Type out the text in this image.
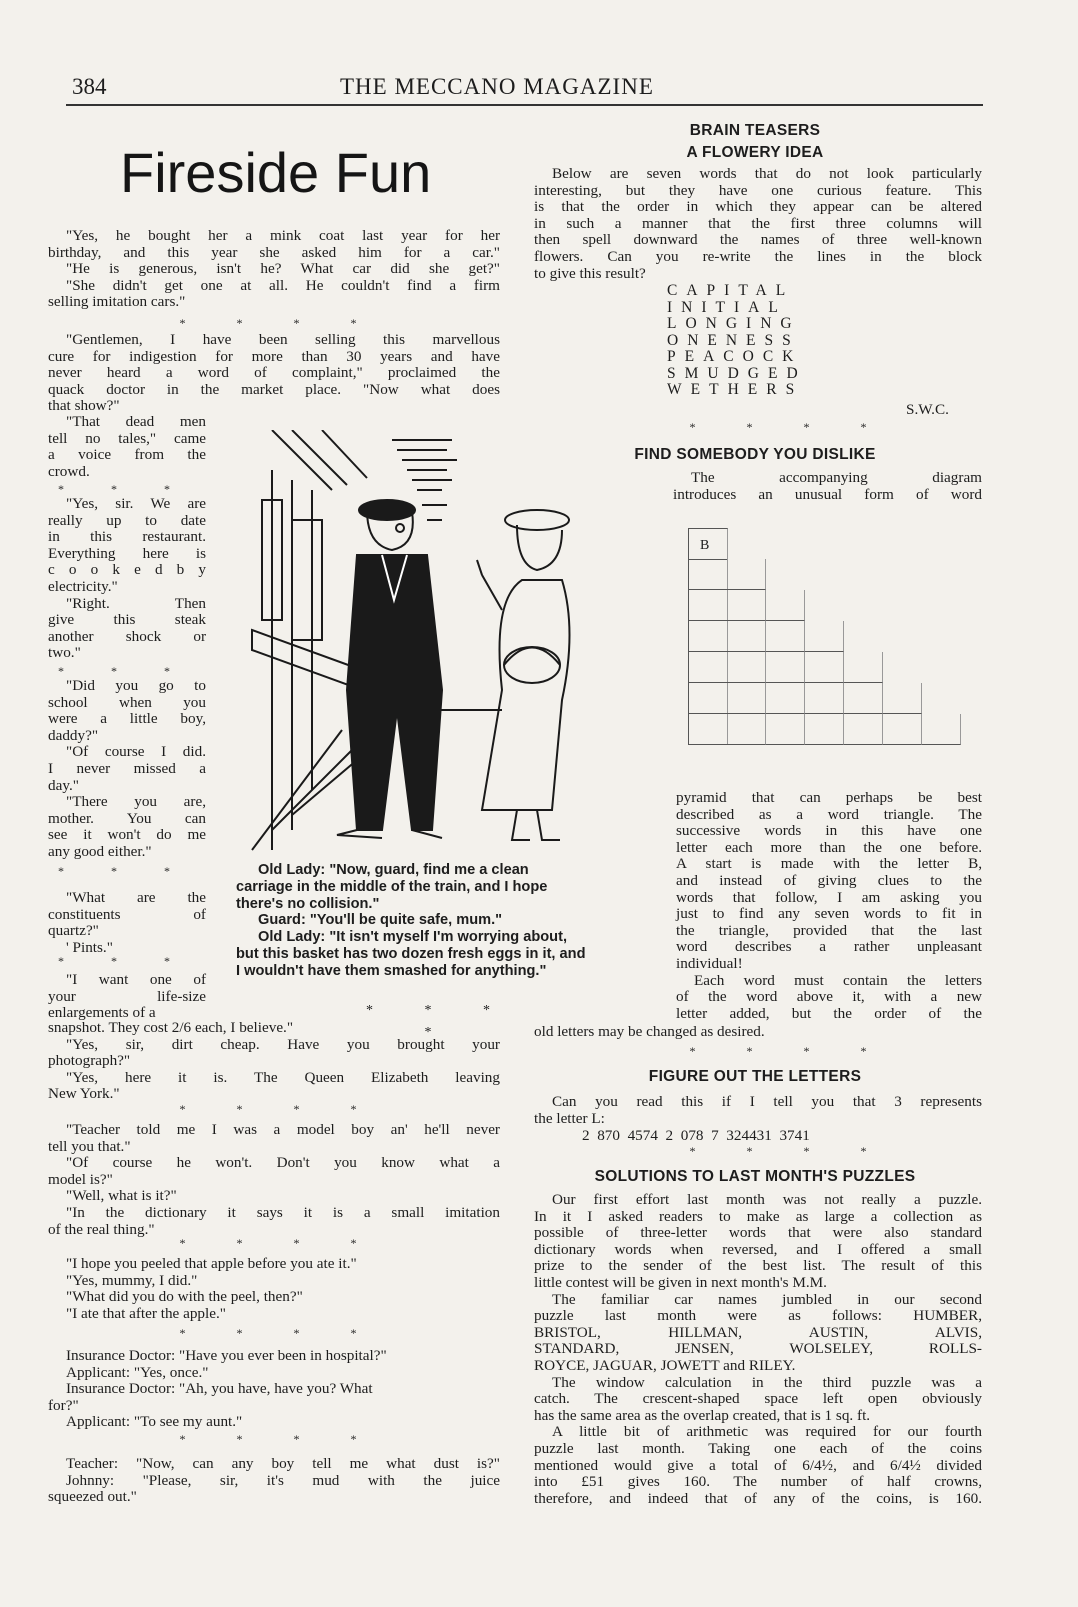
384	THE MECCANO MAGAZINE
Fireside Fun
"Yes, he bought her a mink coat last year for her
birthday, and this year she asked him for a car."
"He is generous, isn't he? What car did she get?"
"She didn't get one at all. He couldn't find a firm
selling imitation cars."
* * * *
"Gentlemen, I have been selling this marvellous
cure for indigestion for more than 30 years and have
never heard a word of complaint," proclaimed the
quack doctor in the market place. "Now what does
that show?"
"That dead men
tell no tales," came
a voice from the
crowd.
* * *
"Yes, sir. We are
really up to date
in this restaurant.
Everything here is
c o o k e d b y
electricity."
"Right. Then
give this steak
another shock or
two."
* * *
"Did you go to
school when you
were a little boy,
daddy?"
"Of course I did.
I never missed a
day."
"There you are,
mother. You can
see it won't do me
any good either."
* * *
"What are the
constituents of
quartz?"
' Pints."
* * *
"I want one of
your life-size
enlargements of a
snapshot. They cost 2/6 each, I believe."
"Yes, sir, dirt cheap. Have you brought your
photograph?"
"Yes, here it is. The Queen Elizabeth leaving
New York."
* * * *
"Teacher told me I was a model boy an' he'll never
tell you that."
"Of course he won't. Don't you know what a
model is?"
"Well, what is it?"
"In the dictionary it says it is a small imitation
of the real thing."
* * * *
"I hope you peeled that apple before you ate it."
"Yes, mummy, I did."
"What did you do with the peel, then?"
"I ate that after the apple."
* * * *
Insurance Doctor: "Have you ever been in hospital?"
Applicant: "Yes, once."
Insurance Doctor: "Ah, you have, have you? What
for?"
Applicant: "To see my aunt."
* * * *
Teacher: "Now, can any boy tell me what dust is?"
Johnny: "Please, sir, it's mud with the juice
squeezed out."
Old Lady: "Now, guard, find me a clean
carriage in the middle of the train, and I hope
there's no collision."
Guard: "You'll be quite safe, mum."
Old Lady: "It isn't myself I'm worrying about,
but this basket has two dozen fresh eggs in it, and
I wouldn't have them smashed for anything."
* * * *
BRAIN TEASERS
A FLOWERY IDEA
Below are seven words that do not look particularly
interesting, but they have one curious feature. This
is that the order in which they appear can be altered
in such a manner that the first three columns will
then spell downward the names of three well-known
flowers. Can you re-write the lines in the block
to give this result?
CAPITAL
INITIAL
LONGING
ONENESS
PEACOCK
SMUDGED
WETHERS
S.W.C.
* * * *
FIND SOMEBODY YOU DISLIKE
The accompanying diagram
introduces an unusual form of word
B
pyramid that can perhaps be best
described as a word triangle. The
successive words in this have one
letter each more than the one before.
A start is made with the letter B,
and instead of giving clues to the
words that follow, I am asking you
just to find any seven words to fit in
the triangle, provided that the last
word describes a rather unpleasant
individual!
Each word must contain the letters
of the word above it, with a new
letter added, but the order of the
old letters may be changed as desired.
* * * *
FIGURE OUT THE LETTERS
Can you read this if I tell you that 3 represents
the letter L:
2  870  4574  2  078  7  324431  3741
* * * *
SOLUTIONS TO LAST MONTH'S PUZZLES
Our first effort last month was not really a puzzle.
In it I asked readers to make as large a collection as
possible of three-letter words that were also standard
dictionary words when reversed, and I offered a small
prize to the sender of the best list. The result of this
little contest will be given in next month's M.M.
The familiar car names jumbled in our second
puzzle last month were as follows: HUMBER,
BRISTOL, HILLMAN, AUSTIN, ALVIS,
STANDARD, JENSEN, WOLSELEY, ROLLS-
ROYCE, JAGUAR, JOWETT and RILEY.
The window calculation in the third puzzle was a
catch. The crescent-shaped space left open obviously
has the same area as the overlap created, that is 1 sq. ft.
A little bit of arithmetic was required for our fourth
puzzle last month. Taking one each of the coins
mentioned would give a total of 6/4½, and 6/4½ divided
into £51 gives 160. The number of half crowns,
therefore, and indeed that of any of the coins, is 160.
